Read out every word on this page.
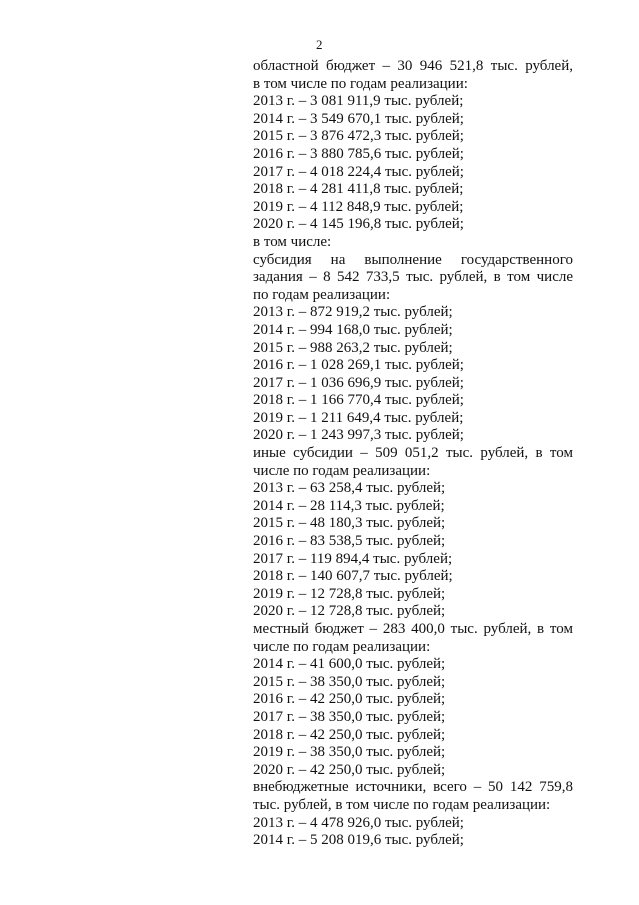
2
областной бюджет – 30 946 521,8 тыс. рублей,
в том числе по годам реализации:
2013 г. – 3 081 911,9 тыс. рублей;
2014 г. – 3 549 670,1 тыс. рублей;
2015 г. – 3 876 472,3 тыс. рублей;
2016 г. – 3 880 785,6 тыс. рублей;
2017 г. – 4 018 224,4 тыс. рублей;
2018 г. – 4 281 411,8 тыс. рублей;
2019 г. – 4 112 848,9 тыс. рублей;
2020 г. – 4 145 196,8 тыс. рублей;
в том числе:
субсидия на выполнение государственного
задания – 8 542 733,5 тыс. рублей, в том числе
по годам реализации:
2013 г. – 872 919,2 тыс. рублей;
2014 г. – 994 168,0 тыс. рублей;
2015 г. – 988 263,2 тыс. рублей;
2016 г. – 1 028 269,1 тыс. рублей;
2017 г. – 1 036 696,9 тыс. рублей;
2018 г. – 1 166 770,4 тыс. рублей;
2019 г. – 1 211 649,4 тыс. рублей;
2020 г. – 1 243 997,3 тыс. рублей;
иные субсидии – 509 051,2 тыс. рублей, в том
числе по годам реализации:
2013 г. – 63 258,4 тыс. рублей;
2014 г. – 28 114,3 тыс. рублей;
2015 г. – 48 180,3 тыс. рублей;
2016 г. – 83 538,5 тыс. рублей;
2017 г. – 119 894,4 тыс. рублей;
2018 г. – 140 607,7 тыс. рублей;
2019 г. – 12 728,8 тыс. рублей;
2020 г. – 12 728,8 тыс. рублей;
местный бюджет – 283 400,0 тыс. рублей, в том
числе по годам реализации:
2014 г. – 41 600,0 тыс. рублей;
2015 г. – 38 350,0 тыс. рублей;
2016 г. – 42 250,0 тыс. рублей;
2017 г. – 38 350,0 тыс. рублей;
2018 г. – 42 250,0 тыс. рублей;
2019 г. – 38 350,0 тыс. рублей;
2020 г. – 42 250,0 тыс. рублей;
внебюджетные источники, всего – 50 142 759,8
тыс. рублей, в том числе по годам реализации:
2013 г. – 4 478 926,0 тыс. рублей;
2014 г. – 5 208 019,6 тыс. рублей;
